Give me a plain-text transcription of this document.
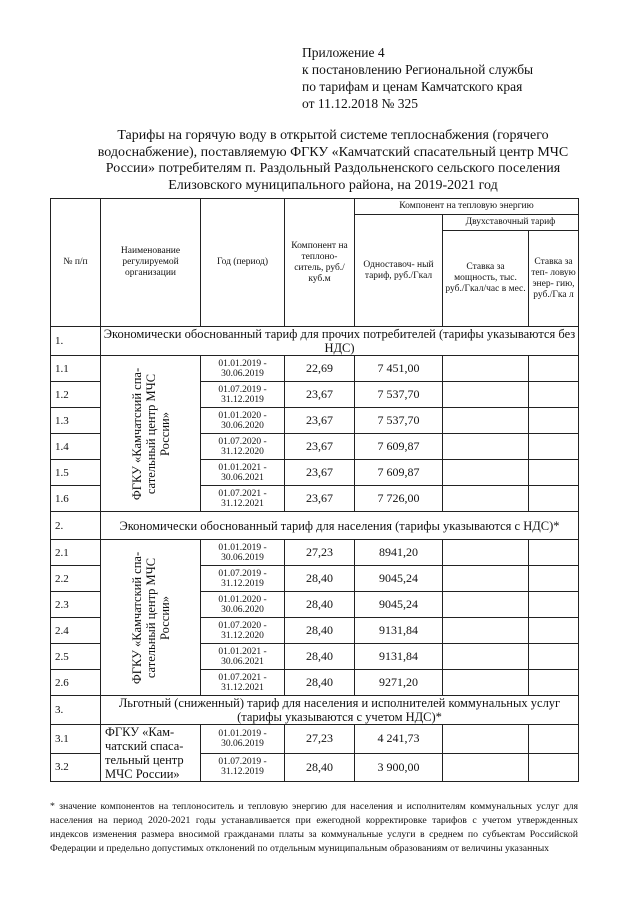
Приложение 4
к постановлению Региональной службы
по тарифам и ценам Камчатского края
от 11.12.2018 № 325
Тарифы на горячую воду в открытой системе теплоснабжения (горячего
водоснабжение), поставляемую ФГКУ «Камчатский спасательный центр МЧС
России» потребителям п. Раздольный Раздольненского сельского поселения
Елизовского муниципального района, на 2019-2021 год
№ п/п	Наименование регулируемой организации	Год (период)	Компонент на теплоно- ситель, руб./куб.м	Компонент на тепловую энергию		
				Одноставоч- ный тариф, руб./Гкал	Двухставочный тариф	
					Ставка за мощность, тыс. руб./Гкал/час в мес.	Ставка за теп- ловую энер- гию, руб./Гка л
1.	Экономически обоснованный тариф для прочих потребителей (тарифы указываются без НДС)					
1.1	ФГКУ «Камчатский спа- сательный центр МЧС России»	01.01.2019 - 30.06.2019	22,69	7 451,00		
1.2		01.07.2019 - 31.12.2019	23,67	7 537,70		
1.3		01.01.2020 - 30.06.2020	23,67	7 537,70		
1.4		01.07.2020 - 31.12.2020	23,67	7 609,87		
1.5		01.01.2021 - 30.06.2021	23,67	7 609,87		
1.6		01.07.2021 - 31.12.2021	23,67	7 726,00		
2.	Экономически обоснованный тариф для населения (тарифы указываются с НДС)*					
2.1	ФГКУ «Камчатский спа- сательный центр МЧС России»	01.01.2019 - 30.06.2019	27,23	8941,20		
2.2		01.07.2019 - 31.12.2019	28,40	9045,24		
2.3		01.01.2020 - 30.06.2020	28,40	9045,24		
2.4		01.07.2020 - 31.12.2020	28,40	9131,84		
2.5		01.01.2021 - 30.06.2021	28,40	9131,84		
2.6		01.07.2021 - 31.12.2021	28,40	9271,20		
3.	Льготный (сниженный) тариф для населения и исполнителей коммунальных услуг (тарифы указываются с учетом НДС)*					
3.1	ФГКУ «Кам- чатский спаса- тельный центр МЧС России»	01.01.2019 - 30.06.2019	27,23	4 241,73		
3.2		01.07.2019 - 31.12.2019	28,40	3 900,00		
* значение компонентов на теплоноситель и тепловую энергию для населения и исполнителям коммунальных услуг для населения на период 2020-2021 годы устанавливается при ежегодной корректировке тарифов с учетом утвержденных индексов изменения размера вносимой гражданами платы за коммунальные услуги в среднем по субъектам Российской Федерации и предельно допустимых отклонений по отдельным муниципальным образованиям от величины указанных
